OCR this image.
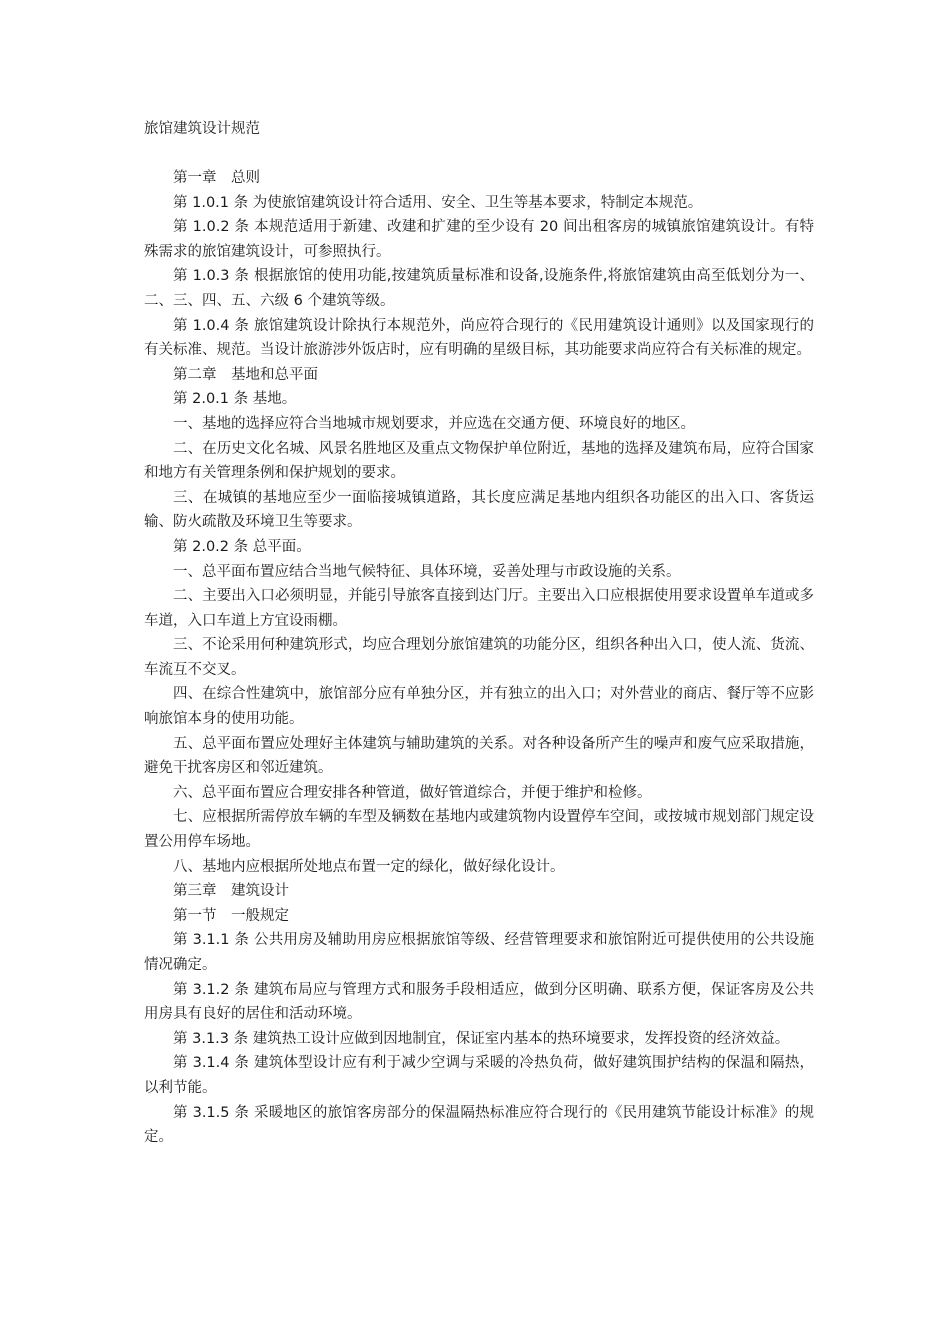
旅馆建筑设计规范

第一章　总则

第 1.0.1 条 为使旅馆建筑设计符合适用、安全、卫生等基本要求，特制定本规范。

第 1.0.2 条 本规范适用于新建、改建和扩建的至少设有 20 间出租客房的城镇旅馆建筑设计。有特殊需求的旅馆建筑设计，可参照执行。

第 1.0.3 条 根据旅馆的使用功能,按建筑质量标准和设备,设施条件,将旅馆建筑由高至低划分为一、二、三、四、五、六级 6 个建筑等级。

第 1.0.4 条 旅馆建筑设计除执行本规范外，尚应符合现行的《民用建筑设计通则》以及国家现行的有关标准、规范。当设计旅游涉外饭店时，应有明确的星级目标，其功能要求尚应符合有关标准的规定。

第二章　基地和总平面

第 2.0.1 条 基地。

一、基地的选择应符合当地城市规划要求，并应选在交通方便、环境良好的地区。

二、在历史文化名城、风景名胜地区及重点文物保护单位附近，基地的选择及建筑布局，应符合国家和地方有关管理条例和保护规划的要求。

三、在城镇的基地应至少一面临接城镇道路，其长度应满足基地内组织各功能区的出入口、客货运输、防火疏散及环境卫生等要求。

第 2.0.2 条 总平面。

一、总平面布置应结合当地气候特征、具体环境，妥善处理与市政设施的关系。

二、主要出入口必须明显，并能引导旅客直接到达门厅。主要出入口应根据使用要求设置单车道或多车道，入口车道上方宜设雨棚。

三、不论采用何种建筑形式，均应合理划分旅馆建筑的功能分区，组织各种出入口，使人流、货流、车流互不交叉。

四、在综合性建筑中，旅馆部分应有单独分区，并有独立的出入口；对外营业的商店、餐厅等不应影响旅馆本身的使用功能。

五、总平面布置应处理好主体建筑与辅助建筑的关系。对各种设备所产生的噪声和废气应采取措施，避免干扰客房区和邻近建筑。

六、总平面布置应合理安排各种管道，做好管道综合，并便于维护和检修。

七、应根据所需停放车辆的车型及辆数在基地内或建筑物内设置停车空间，或按城市规划部门规定设置公用停车场地。

八、基地内应根据所处地点布置一定的绿化，做好绿化设计。

第三章　建筑设计

第一节　一般规定

第 3.1.1 条 公共用房及辅助用房应根据旅馆等级、经营管理要求和旅馆附近可提供使用的公共设施情况确定。

第 3.1.2 条 建筑布局应与管理方式和服务手段相适应，做到分区明确、联系方便，保证客房及公共用房具有良好的居住和活动环境。

第 3.1.3 条 建筑热工设计应做到因地制宜，保证室内基本的热环境要求，发挥投资的经济效益。

第 3.1.4 条 建筑体型设计应有利于减少空调与采暖的冷热负荷，做好建筑围护结构的保温和隔热，以利节能。

第 3.1.5 条 采暖地区的旅馆客房部分的保温隔热标准应符合现行的《民用建筑节能设计标准》的规定。
